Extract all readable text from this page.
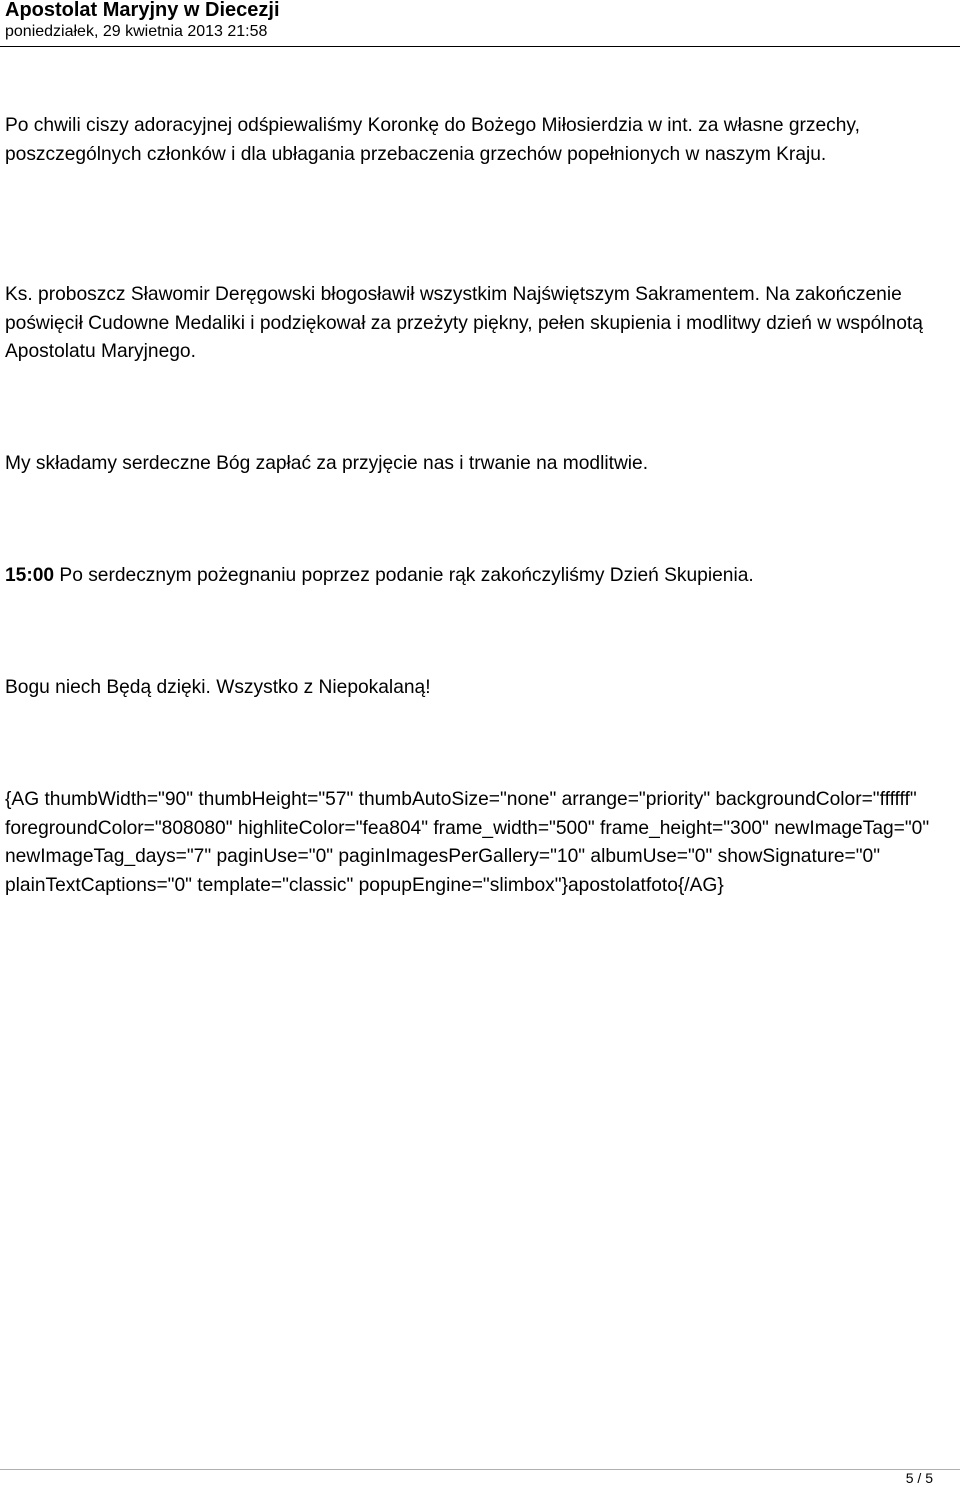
Apostolat Maryjny w Diecezji
poniedziałek, 29 kwietnia 2013 21:58

Po chwili ciszy adoracyjnej odśpiewaliśmy Koronkę do Bożego Miłosierdzia w int. za własne grzechy, poszczególnych członków i dla ubłagania przebaczenia grzechów popełnionych w naszym Kraju.

Ks. proboszcz Sławomir Deręgowski błogosławił wszystkim Najświętszym Sakramentem. Na zakończenie poświęcił Cudowne Medaliki i podziękował za przeżyty piękny, pełen skupienia i modlitwy dzień w wspólnotą Apostolatu Maryjnego.

My składamy serdeczne Bóg zapłać za przyjęcie nas i trwanie na modlitwie.

15:00 Po serdecznym pożegnaniu poprzez podanie rąk zakończyliśmy Dzień Skupienia.

Bogu niech Będą dzięki. Wszystko z Niepokalaną!

{AG thumbWidth="90" thumbHeight="57" thumbAutoSize="none" arrange="priority" backgroundColor="ffffff" foregroundColor="808080" highliteColor="fea804" frame_width="500" frame_height="300" newImageTag="0" newImageTag_days="7" paginUse="0" paginImagesPerGallery="10" albumUse="0" showSignature="0" plainTextCaptions="0" template="classic" popupEngine="slimbox"}apostolatfoto{/AG}

5 / 5
